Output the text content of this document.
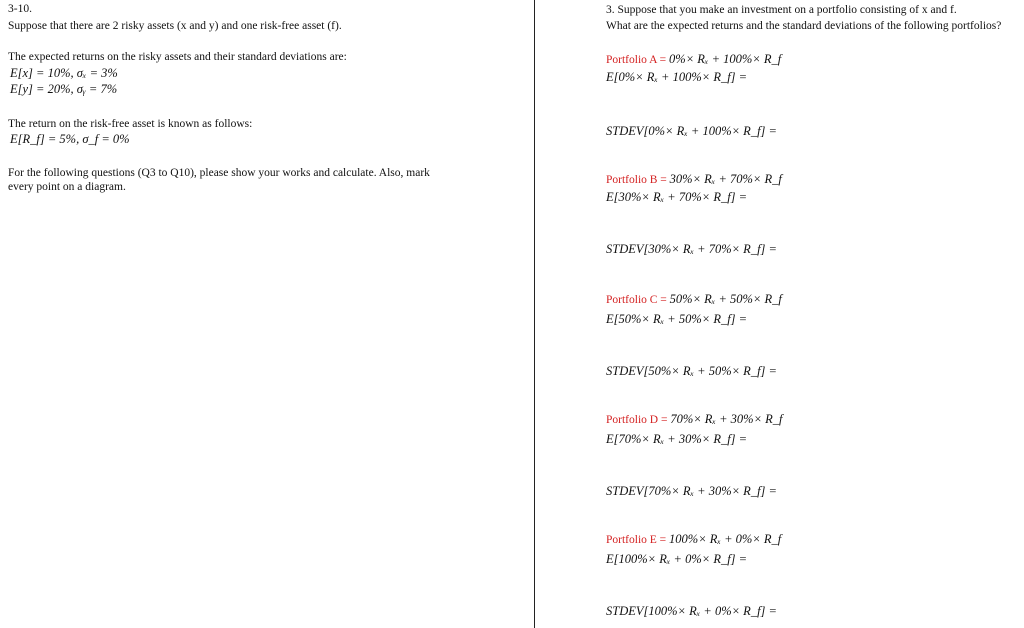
3-10.
Suppose that there are 2 risky assets (x and y) and one risk-free asset (f).
The expected returns on the risky assets and their standard deviations are:
E[x] = 10%, σₓ = 3%
E[y] = 20%, σᵧ = 7%
The return on the risk-free asset is known as follows:
E[R_f] = 5%, σ_f = 0%
For the following questions (Q3 to Q10), please show your works and calculate. Also, mark
every point on a diagram.
3. Suppose that you make an investment on a portfolio consisting of x and f.
What are the expected returns and the standard deviations of the following portfolios?
Portfolio A = 0%× Rₓ + 100%× R_f
E[0%× Rₓ + 100%× R_f] =
STDEV[0%× Rₓ + 100%× R_f] =
Portfolio B = 30%× Rₓ + 70%× R_f
E[30%× Rₓ + 70%× R_f] =
STDEV[30%× Rₓ + 70%× R_f] =
Portfolio C = 50%× Rₓ + 50%× R_f
E[50%× Rₓ + 50%× R_f] =
STDEV[50%× Rₓ + 50%× R_f] =
Portfolio D = 70%× Rₓ + 30%× R_f
E[70%× Rₓ + 30%× R_f] =
STDEV[70%× Rₓ + 30%× R_f] =
Portfolio E = 100%× Rₓ + 0%× R_f
E[100%× Rₓ + 0%× R_f] =
STDEV[100%× Rₓ + 0%× R_f] =
